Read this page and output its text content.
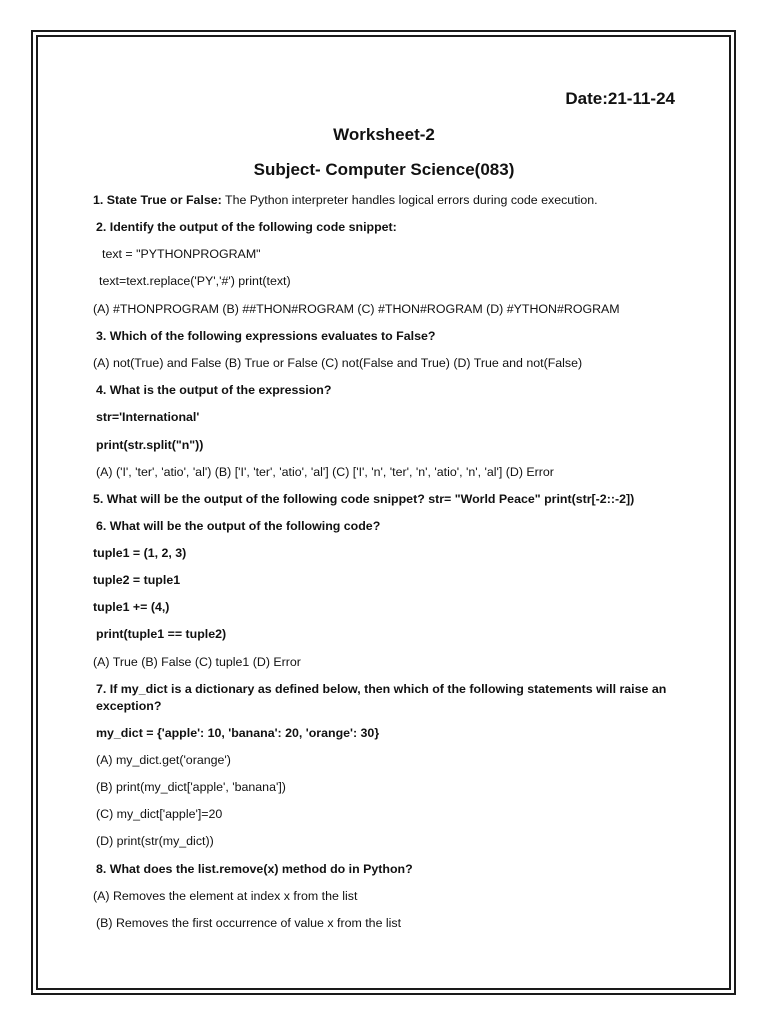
Date:21-11-24
Worksheet-2
Subject- Computer Science(083)
1. State True or False: The Python interpreter handles logical errors during code execution.
2. Identify the output of the following code snippet:
text = "PYTHONPROGRAM"
text=text.replace('PY','#') print(text)
(A) #THONPROGRAM (B) ##THON#ROGRAM (C) #THON#ROGRAM (D) #YTHON#ROGRAM
3. Which of the following expressions evaluates to False?
(A) not(True) and False (B) True or False (C) not(False and True) (D) True and not(False)
4. What is the output of the expression?
str='International'
print(str.split("n"))
(A) ('I', 'ter', 'atio', 'al') (B) ['I', 'ter', 'atio', 'al'] (C) ['I', 'n', 'ter', 'n', 'atio', 'n', 'al'] (D) Error
5. What will be the output of the following code snippet? str= "World Peace" print(str[-2::-2])
6. What will be the output of the following code?
tuple1 = (1, 2, 3)
tuple2 = tuple1
tuple1 += (4,)
print(tuple1 == tuple2)
(A) True (B) False (C) tuple1 (D) Error
7. If my_dict is a dictionary as defined below, then which of the following statements will raise an exception?
my_dict = {'apple': 10, 'banana': 20, 'orange': 30}
(A) my_dict.get('orange')
(B) print(my_dict['apple', 'banana'])
(C) my_dict['apple']=20
(D) print(str(my_dict))
8. What does the list.remove(x) method do in Python?
(A) Removes the element at index x from the list
(B) Removes the first occurrence of value x from the list
